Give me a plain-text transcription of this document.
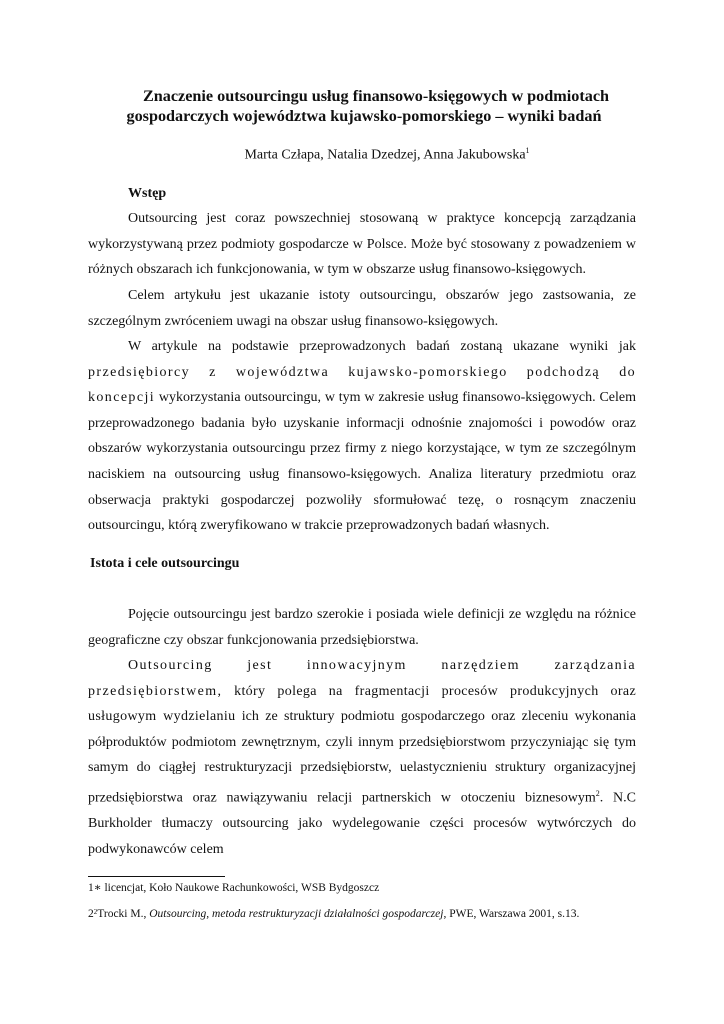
Znaczenie outsourcingu usług finansowo-księgowych w podmiotach
gospodarczych województwa kujawsko-pomorskiego – wyniki badań
Marta Człapa, Natalia Dzedzej, Anna Jakubowska$^1$
Wstęp
Outsourcing jest coraz powszechniej stosowaną w praktyce koncepcją zarządzania wykorzystywaną przez podmioty gospodarcze w Polsce. Może być stosowany z powadzeniem w różnych obszarach ich funkcjonowania, w tym w obszarze usług finansowo-księgowych.
Celem artykułu jest ukazanie istoty outsourcingu, obszarów jego zastsowania, ze szczególnym zwróceniem uwagi na obszar usług finansowo-księgowych.
W artykule na podstawie przeprowadzonych badań zostaną ukazane wyniki jak przedsiębiorcy z województwa kujawsko-pomorskiego podchodzą do koncepcji wykorzystania outsourcingu, w tym w zakresie usług finansowo-księgowych. Celem przeprowadzonego badania było uzyskanie informacji odnośnie znajomości i powodów oraz obszarów wykorzystania outsourcingu przez firmy z niego korzystające, w tym ze szczególnym naciskiem na outsourcing usług finansowo-księgowych. Analiza literatury przedmiotu oraz obserwacja praktyki gospodarczej pozwoliły sformułować tezę, o rosnącym znaczeniu outsourcingu, którą zweryfikowano w trakcie przeprowadzonych badań własnych.
Istota i cele outsourcingu
Pojęcie outsourcingu jest bardzo szerokie i posiada wiele definicji ze względu na różnice geograficzne czy obszar funkcjonowania przedsiębiorstwa.
Outsourcing jest innowacyjnym narzędziem zarządzania przedsiębiorstwem, który polega na fragmentacji procesów produkcyjnych oraz usługowym wydzielaniu ich ze struktury podmiotu gospodarczego oraz zleceniu wykonania półproduktów podmiotom zewnętrznym, czyli innym przedsiębiorstwom przyczyniając się tym samym do ciągłej restrukturyzacji przedsiębiorstw, uelastycznieniu struktury organizacyjnej przedsiębiorstwa oraz nawiązywaniu relacji partnerskich w otoczeniu biznesowym$^2$. N.C Burkholder tłumaczy outsourcing jako wydelegowanie części procesów wytwórczych do podwykonawców celem
1∗ licencjat, Koło Naukowe Rachunkowości, WSB Bydgoszcz
$2^2Trocki$ M., Outsourcing, metoda restrukturyzacji działalności gospodarczej, PWE, Warszawa 2001, s.13.
